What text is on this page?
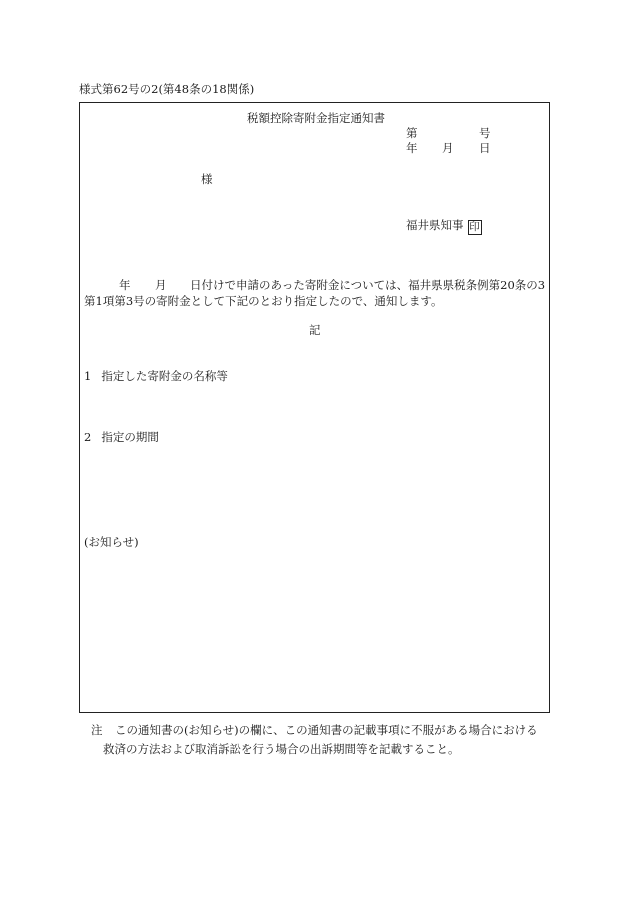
様式第62号の2(第48条の18関係)
税額控除寄附金指定通知書
第	号
年 月 日
様
福井県知事 印
年 月 日付けで申請のあった寄附金については、福井県県税条例第20条の3
第1項第3号の寄附金として下記のとおり指定したので、通知します。
記
1 指定した寄附金の名称等
2 指定の期間
(お知らせ)
注 この通知書の(お知らせ)の欄に、この通知書の記載事項に不服がある場合における
救済の方法および取消訴訟を行う場合の出訴期間等を記載すること。
